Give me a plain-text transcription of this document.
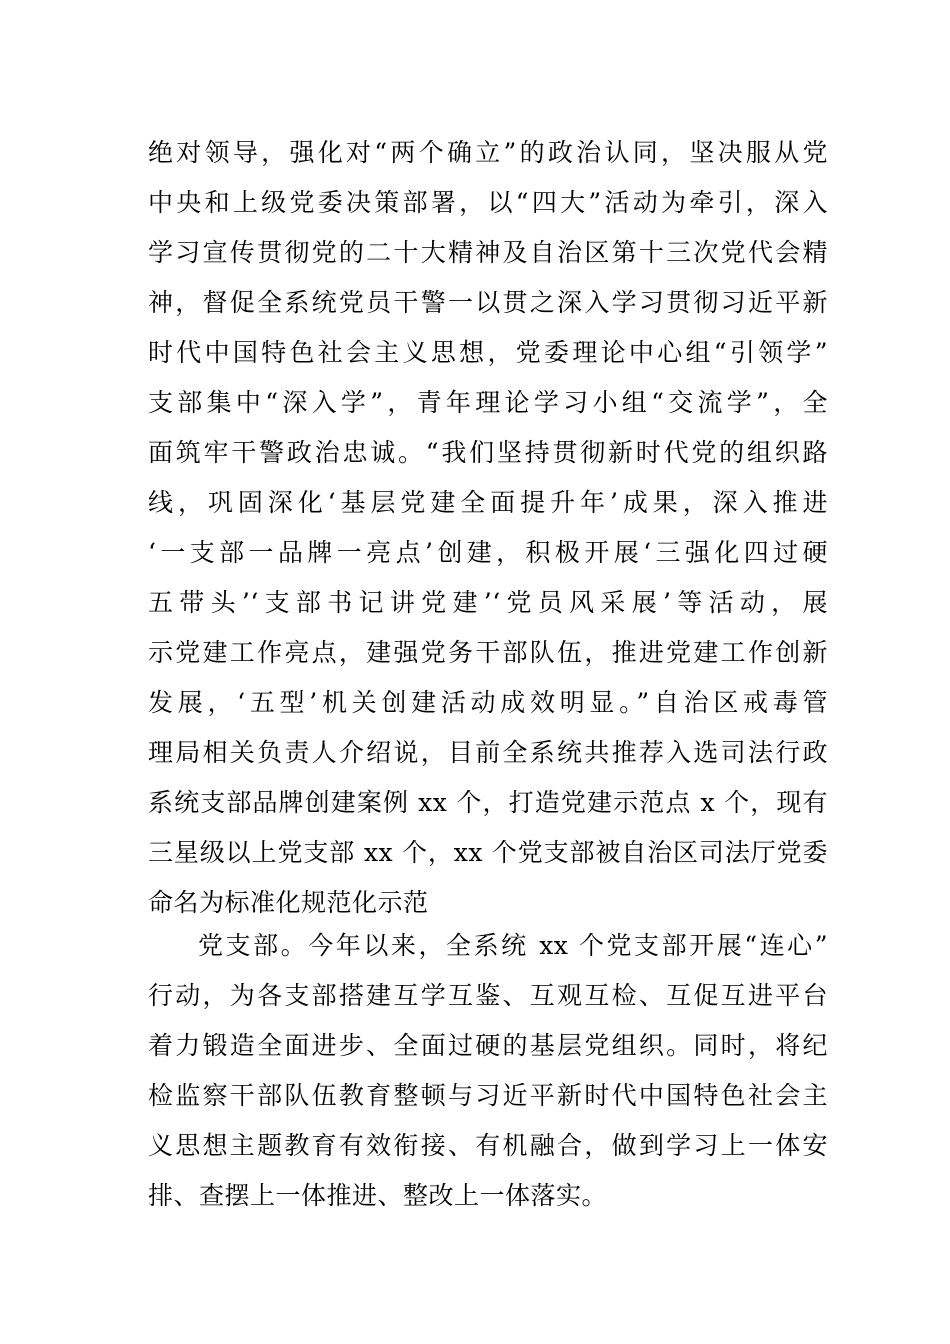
绝对领导，强化对“两个确立”的政治认同，坚决服从党
中央和上级党委决策部署，以“四大”活动为牵引，深入
学习宣传贯彻党的二十大精神及自治区第十三次党代会精
神，督促全系统党员干警一以贯之深入学习贯彻习近平新
时代中国特色社会主义思想，党委理论中心组“引领学”
支部集中“深入学”，青年理论学习小组“交流学”，全
面筑牢干警政治忠诚。“我们坚持贯彻新时代党的组织路
线，巩固深化‘基层党建全面提升年’成果，深入推进
‘一支部一品牌一亮点’创建，积极开展‘三强化四过硬
五带头’‘支部书记讲党建’‘党员风采展’等活动，展
示党建工作亮点，建强党务干部队伍，推进党建工作创新
发展，‘五型’机关创建活动成效明显。”自治区戒毒管
理局相关负责人介绍说，目前全系统共推荐入选司法行政
系统支部品牌创建案例 xx 个，打造党建示范点 x 个，现有
三星级以上党支部 xx 个，xx 个党支部被自治区司法厅党委
命名为标准化规范化示范
党支部。今年以来，全系统 xx 个党支部开展“连心”
行动，为各支部搭建互学互鉴、互观互检、互促互进平台
着力锻造全面进步、全面过硬的基层党组织。同时，将纪
检监察干部队伍教育整顿与习近平新时代中国特色社会主
义思想主题教育有效衔接、有机融合，做到学习上一体安
排、查摆上一体推进、整改上一体落实。
